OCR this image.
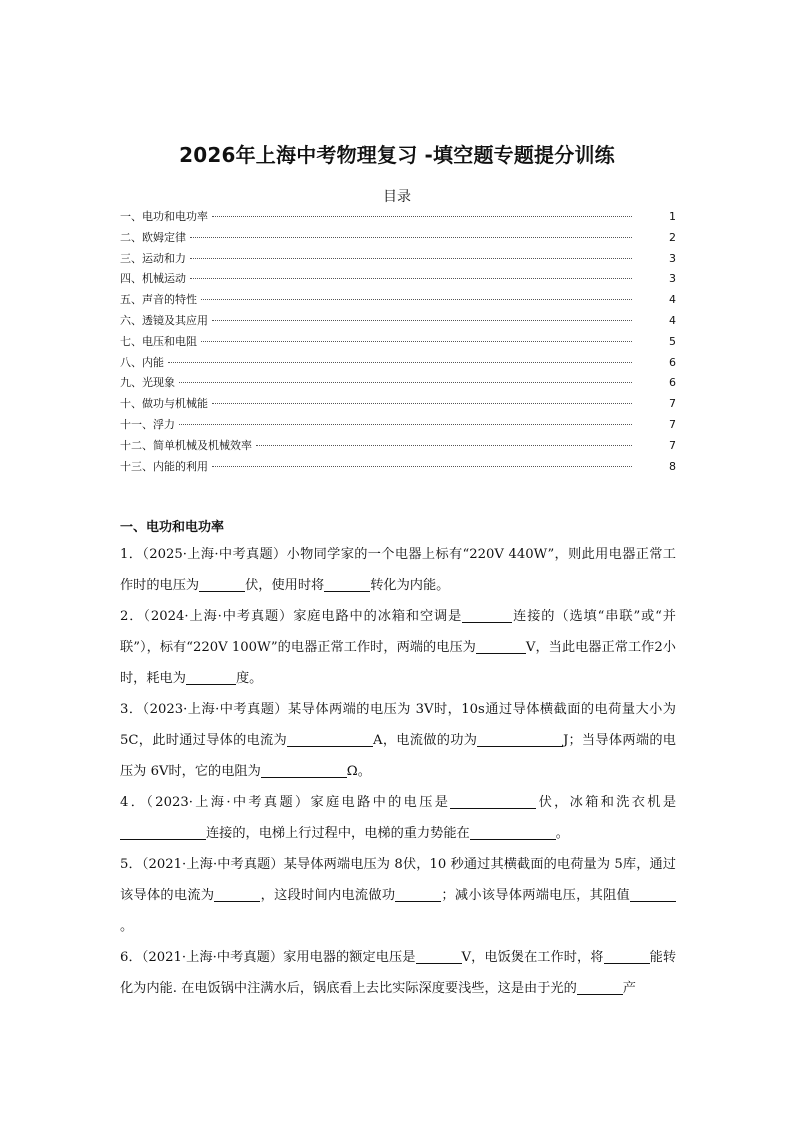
2026年上海中考物理复习 -填空题专题提分训练
目录
一、电功和电功率	1
二、欧姆定律	2
三、运动和力	3
四、机械运动	3
五、声音的特性	4
六、透镜及其应用	4
七、电压和电阻	5
八、内能	6
九、光现象	6
十、做功与机械能	7
十一、浮力	7
十二、简单机械及机械效率	7
十三、内能的利用	8
一、电功和电功率
1．（2025·上海·中考真题）小物同学家的一个电器上标有“220V 440W”，则此用电器正常工作时的电压为	伏，使用时将	转化为内能。
2．（2024·上海·中考真题）家庭电路中的冰箱和空调是	连接的（选填“串联”或“并联”），标有“220V 100W”的电器正常工作时，两端的电压为	V，当此电器正常工作2小时，耗电为	度。
3．（2023·上海·中考真题）某导体两端的电压为 3V时，10s通过导体横截面的电荷量大小为 5C，此时通过导体的电流为	A，电流做的功为	J；当导体两端的电压为 6V时，它的电阻为	Ω。
4．（2023·上海·中考真题）家庭电路中的电压是	伏，冰箱和洗衣机是连接的，电梯上行过程中，电梯的重力势能在	。
5．（2021·上海·中考真题）某导体两端电压为 8伏，10 秒通过其横截面的电荷量为 5库，通过该导体的电流为	，这段时间内电流做功	；减小该导体两端电压，其阻值。
6．（2021·上海·中考真题）家用电器的额定电压是	V，电饭煲在工作时，将	能转化为内能. 在电饭锅中注满水后，锅底看上去比实际深度要浅些，这是由于光的	产
